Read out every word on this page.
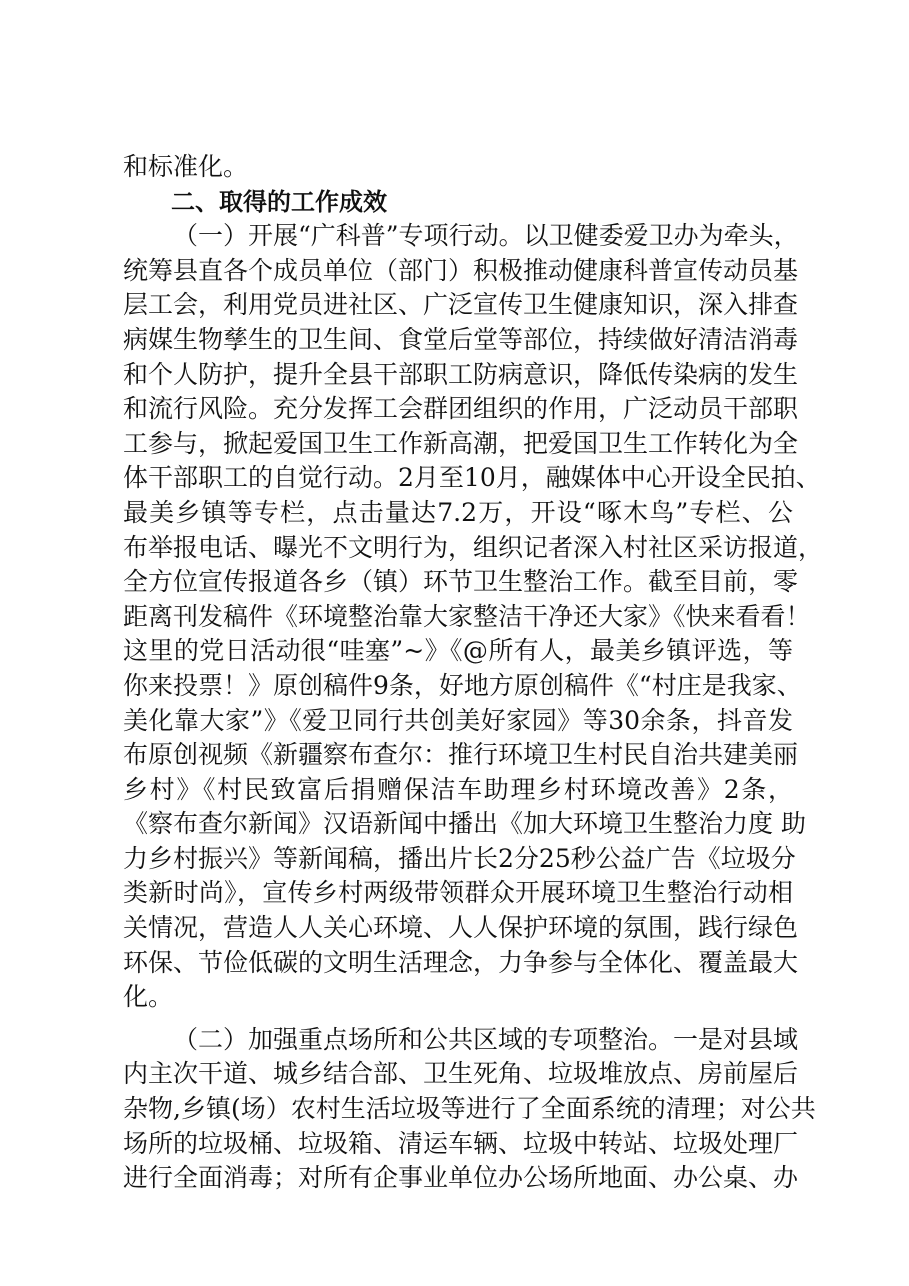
和标准化。
二、取得的工作成效
（一）开展“广科普”专项行动。以卫健委爱卫办为牵头，
统筹县直各个成员单位（部门）积极推动健康科普宣传动员基
层工会，利用党员进社区、广泛宣传卫生健康知识，深入排查
病媒生物孳生的卫生间、食堂后堂等部位，持续做好清洁消毒
和个人防护，提升全县干部职工防病意识，降低传染病的发生
和流行风险。充分发挥工会群团组织的作用，广泛动员干部职
工参与，掀起爱国卫生工作新高潮，把爱国卫生工作转化为全
体干部职工的自觉行动。2月至10月，融媒体中心开设全民拍、
最美乡镇等专栏，点击量达7.2万，开设“啄木鸟”专栏、公
布举报电话、曝光不文明行为，组织记者深入村社区采访报道，
全方位宣传报道各乡（镇）环节卫生整治工作。截至目前，零
距离刊发稿件《环境整治靠大家整洁干净还大家》《快来看看！
这里的党日活动很“哇塞”~》《@所有人，最美乡镇评选，等
你来投票！》原创稿件9条，好地方原创稿件《“村庄是我家、
美化靠大家”》《爱卫同行共创美好家园》等30余条，抖音发
布原创视频《新疆察布查尔：推行环境卫生村民自治共建美丽
乡村》《村民致富后捐赠保洁车助理乡村环境改善》2条，
《察布查尔新闻》汉语新闻中播出《加大环境卫生整治力度 助
力乡村振兴》等新闻稿，播出片长2分25秒公益广告《垃圾分
类新时尚》，宣传乡村两级带领群众开展环境卫生整治行动相
关情况，营造人人关心环境、人人保护环境的氛围，践行绿色
环保、节俭低碳的文明生活理念，力争参与全体化、覆盖最大
化。
（二）加强重点场所和公共区域的专项整治。一是对县域
内主次干道、城乡结合部、卫生死角、垃圾堆放点、房前屋后
杂物,乡镇(场）农村生活垃圾等进行了全面系统的清理；对公共
场所的垃圾桶、垃圾箱、清运车辆、垃圾中转站、垃圾处理厂
进行全面消毒；对所有企事业单位办公场所地面、办公桌、办
